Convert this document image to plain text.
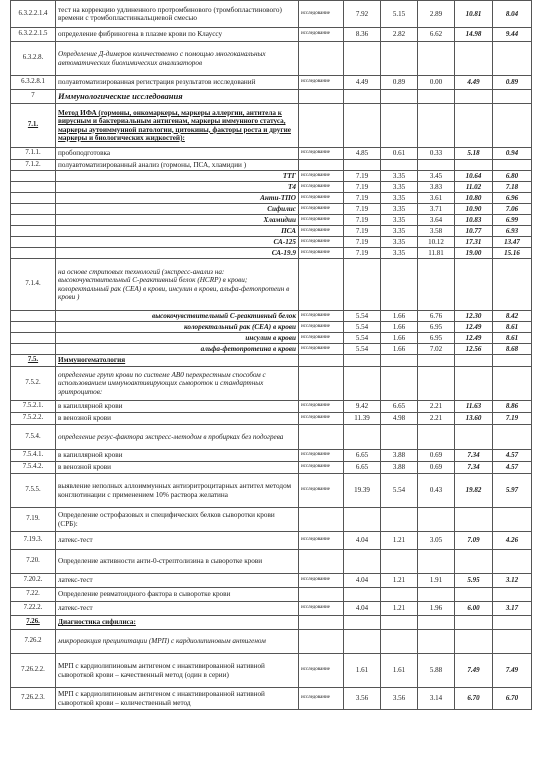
6.3.2.2.1.4	тест на коррекцию удлиненного протромбинового (тромбопластинового) времени с тромбопластинкальциевой смесью	исследование	7.92	5.15	2.89	10.81	8.04
6.3.2.2.1.5	определение фибриногена в плазме крови по Клауссу	исследование	8.36	2.82	6.62	14.98	9.44
6.3.2.8.	Определение Д-димеров количественно с помощью многоканальных автоматических биохимических анализаторов						
6.3.2.8.1	полуавтоматизированная регистрация результатов исследований	исследование	4.49	0.89	0.00	4.49	0.89
7	Иммунологические исследования						
7.1.	Метод ИФА (гормоны, онкомаркеры, маркеры аллергии, антитела к вирусным и бактериальным антигенам, маркеры иммунного статуса, маркеры аутоиммунной патологии, цитокины, факторы роста и другие маркеры и биологических жидкостей):						
7.1.1.	пробоподготовка	исследование	4.85	0.61	0.33	5.18	0.94
7.1.2.	полуавтоматизированный анализ (гормоны, ПСА, хламидии )						
	ТТГ	исследование	7.19	3.35	3.45	10.64	6.80
	Т4	исследование	7.19	3.35	3.83	11.02	7.18
	Анти-ТПО	исследование	7.19	3.35	3.61	10.80	6.96
	Сифилис	исследование	7.19	3.35	3.71	10.90	7.06
	Хламидии	исследование	7.19	3.35	3.64	10.83	6.99
	ПСА	исследование	7.19	3.35	3.58	10.77	6.93
	СА-125	исследование	7.19	3.35	10.12	17.31	13.47
	СА-19.9	исследование	7.19	3.35	11.81	19.00	15.16
7.1.4.	на основе стриповых технологий (экспресс-анализ на: высокочувствительный С-реактивный белок (HCRP) в крови; колоректальный рак (CEA) в крови, инсулин в крови, альфа-фетопротеин в крови )						
	высокочувствительный С-реактивный белок	исследование	5.54	1.66	6.76	12.30	8.42
	колоректальный рак (CEA) в крови	исследование	5.54	1.66	6.95	12.49	8.61
	инсулин в крови	исследование	5.54	1.66	6.95	12.49	8.61
	альфа-фетопротеина в крови	исследование	5.54	1.66	7.02	12.56	8.68
7.5.	Иммуногематология						
7.5.2.	определение групп крови по системе АВ0 перекрестным способом с использованием иммуноактивирующих сывороток и стандартных эритроцитов:						
7.5.2.1.	в капиллярной крови	исследование	9.42	6.65	2.21	11.63	8.86
7.5.2.2.	в венозной крови	исследование	11.39	4.98	2.21	13.60	7.19
7.5.4.	определение резус-фактора экспресс-методом в пробирках без подогрева						
7.5.4.1.	в капиллярной крови	исследование	6.65	3.88	0.69	7.34	4.57
7.5.4.2.	в венозной крови	исследование	6.65	3.88	0.69	7.34	4.57
7.5.5.	выявление неполных аллоиммунных антиэритроцитарных антител методом конглютинации с применением 10% раствора желатина	исследование	19.39	5.54	0.43	19.82	5.97
7.19.	Определение острофазовых и специфических белков сыворотки крови (СРБ):						
7.19.3.	латекс-тест	исследование	4.04	1.21	3.05	7.09	4.26
7.20.	Определение активности анти-0-стрептолизина в сыворотке крови						
7.20.2.	латекс-тест	исследование	4.04	1.21	1.91	5.95	3.12
7.22.	Определение ревматоидного фактора в сыворотке крови						
7.22.2.	латекс-тест	исследование	4.04	1.21	1.96	6.00	3.17
7.26.	Диагностика сифилиса:						
7.26.2	микрореакция преципитации (МРП) с кардиолипиновым антигеном						
7.26.2.2.	МРП с кардиолипиновым антигеном с инактивированной нативной сывороткой крови – качественный метод (один в серии)	исследование	1.61	1.61	5.88	7.49	7.49
7.26.2.3.	МРП с кардиолипиновым антигеном с инактивированной нативной сывороткой крови – количественный метод	исследование	3.56	3.56	3.14	6.70	6.70
